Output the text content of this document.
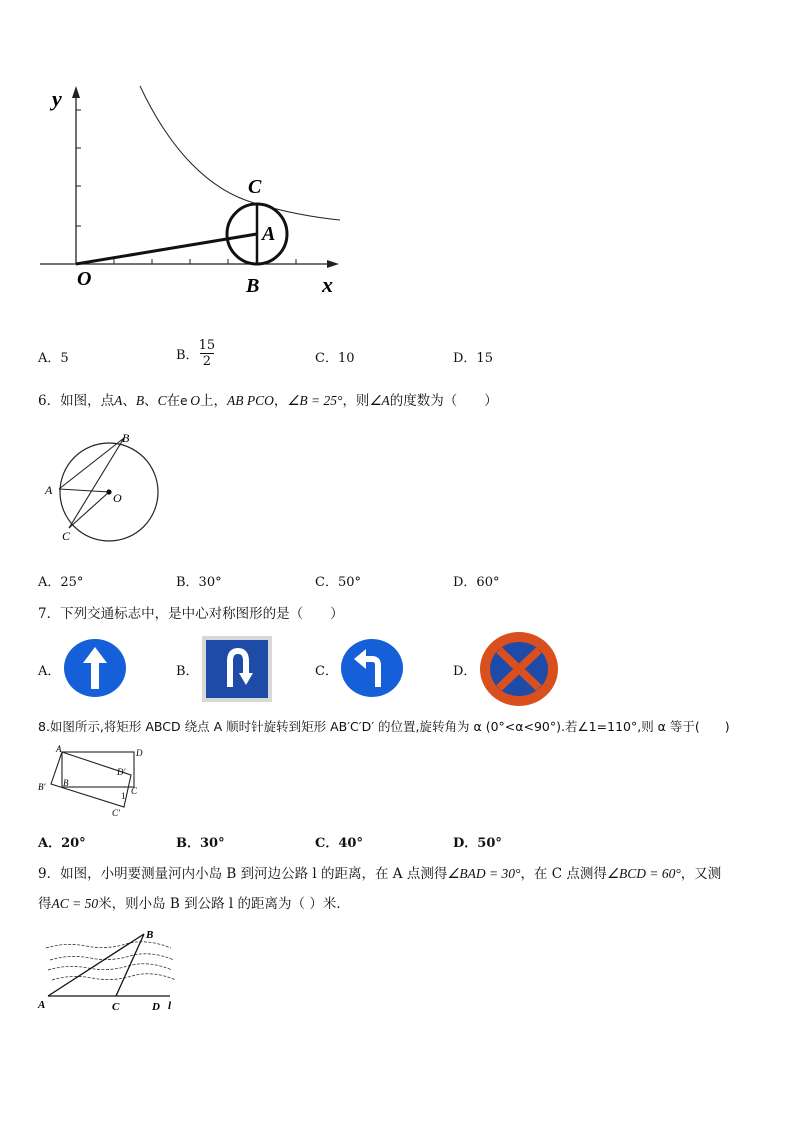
y
x
O
C
A
B
A．5	B． $\frac{15}{2}$	C．10	D．15
6．如图，点A、B、C在e  O上，AB PCO，∠B = 25°，则∠A的度数为（　　）
B
A
O
C
A．25°	B．30°	C．50°	D．60°
7．下列交通标志中，是中心对称图形的是（　　）
A．	B．	C．	D．
8.如图所示,将矩形 ABCD 绕点 A 顺时针旋转到矩形 AB′C′D′ 的位置,旋转角为 α (0°<α<90°).若∠1=110°,则 α 等于(　　)
A	D
D′
B′ B
1 C
C′
A．20°	B．30°	C．40°	D．50°
9．如图，小明要测量河内小岛 B 到河边公路 l 的距离，在 A 点测得∠BAD = 30°，在 C 点测得∠BCD = 60°，又测
得AC = 50米，则小岛 B 到公路 l 的距离为（ ）米．
A	C	D l
B
